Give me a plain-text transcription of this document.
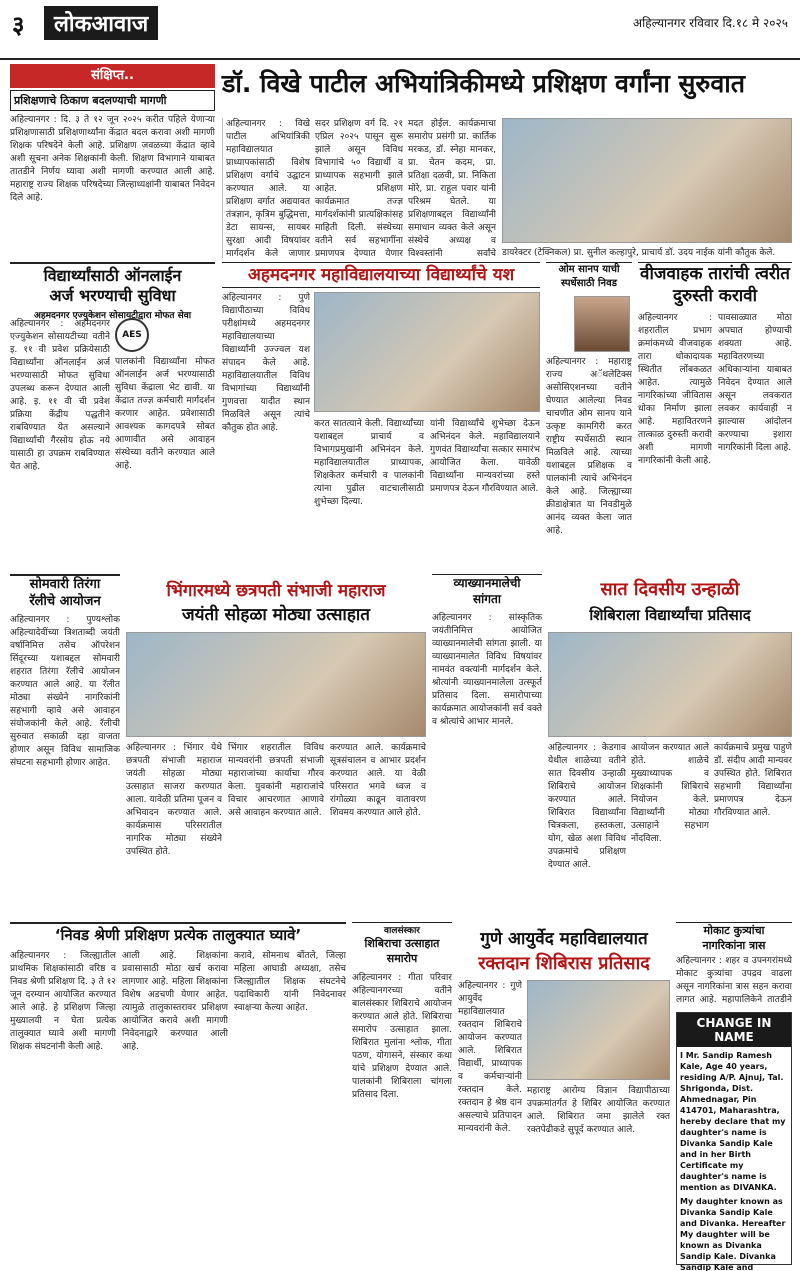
३	लोकआवाज	अहिल्यानगर रविवार दि.१८ मे २०२५
संक्षिप्त..
प्रशिक्षणाचे ठिकाण बदलण्याची मागणी
अहिल्यानगर : दि. ३ ते १२ जून २०२५ करीत पहिले येणाऱ्या प्रशिक्षणासाठी प्रशिक्षणार्थ्यांना केंद्रात बदल करावा अशी मागणी शिक्षक परिषदेने केली आहे. प्रशिक्षण जवळच्या केंद्रात व्हावे अशी सूचना अनेक शिक्षकांनी केली. शिक्षण विभागाने याबाबत तातडीने निर्णय घ्यावा अशी मागणी करण्यात आली आहे. महाराष्ट्र राज्य शिक्षक परिषदेच्या जिल्हाध्यक्षांनी याबाबत निवेदन दिले आहे.
डॉ. विखे पाटील अभियांत्रिकीमध्ये प्रशिक्षण वर्गांना सुरुवात
अहिल्यानगर : विखे पाटील अभियांत्रिकी महाविद्यालयात प्राध्यापकांसाठी विशेष प्रशिक्षण वर्गाचे उद्घाटन करण्यात आले. या प्रशिक्षण वर्गात अद्ययावत तंत्रज्ञान, कृत्रिम बुद्धिमत्ता, डेटा सायन्स, सायबर सुरक्षा आदी विषयांवर मार्गदर्शन केले जाणार
सदर प्रशिक्षण वर्ग दि. २१ एप्रिल २०२५ पासून सुरू झाले असून विविध विभागांचे ५० विद्यार्थी व प्राध्यापक सहभागी झाले आहेत. प्रशिक्षण कार्यक्रमात तज्ज्ञ मार्गदर्शकांनी प्रात्यक्षिकांसह माहिती दिली. संस्थेच्या वतीने सर्व सहभागींना प्रमाणपत्र देण्यात येणार
मदत होईल. कार्यक्रमाचा समारोप प्रसंगी प्रा. कार्तिक मरकड, डॉ. स्नेहा मानकर, प्रा. चेतन कदम, प्रा. प्रतिक्षा दळवी, प्रा. निकिता मोरे, प्रा. राहुल पवार यांनी परिश्रम घेतले. या प्रशिक्षणाबद्दल विद्यार्थ्यांनी समाधान व्यक्त केले असून संस्थेचे अध्यक्ष व विश्वस्तांनी सर्वांचे डायरेक्टर (टेक्निकल) प्रा. सुनील कल्हापुरे, प्राचार्य डॉ. उदय नाईक यांनी कौतुक केले.
विद्यार्थ्यांसाठी ऑनलाईन
अर्ज भरण्याची सुविधा
अहमदनगर एज्युकेशन सोसायटीद्वारा मोफत सेवा
अहिल्यानगर : अहमदनगर एज्युकेशन सोसायटीच्या वतीने इ. ११ वी प्रवेश प्रक्रियेसाठी विद्यार्थ्यांना ऑनलाईन अर्ज भरण्यासाठी मोफत सुविधा उपलब्ध करून देण्यात आली आहे. इ. ११ वी ची प्रवेश प्रक्रिया केंद्रीय पद्धतीने राबविण्यात येत असल्याने विद्यार्थ्यांची गैरसोय होऊ नये यासाठी हा उपक्रम राबविण्यात येत आहे.
AES
पालकांनी विद्यार्थ्यांना मोफत ऑनलाईन अर्ज भरण्यासाठी सुविधा केंद्राला भेट द्यावी. या केंद्रात तज्ज्ञ कर्मचारी मार्गदर्शन करणार आहेत. प्रवेशासाठी आवश्यक कागदपत्रे सोबत आणावीत असे आवाहन संस्थेच्या वतीने करण्यात आले आहे.
अहमदनगर महाविद्यालयाच्या विद्यार्थ्यांचे यश
अहिल्यानगर : पुणे विद्यापीठाच्या विविध परीक्षांमध्ये अहमदनगर महाविद्यालयाच्या विद्यार्थ्यांनी उज्ज्वल यश संपादन केले आहे. महाविद्यालयातील विविध विभागांच्या विद्यार्थ्यांनी गुणवत्ता यादीत स्थान मिळविले असून त्यांचे कौतुक होत आहे.	करत सातत्याने केली. विद्यार्थ्यांच्या यशाबद्दल प्राचार्य व विभागप्रमुखांनी अभिनंदन केले. महाविद्यालयातील प्राध्यापक, शिक्षकेतर कर्मचारी व पालकांनी त्यांना पुढील वाटचालीसाठी शुभेच्छा दिल्या.
यांनी विद्यार्थ्यांचे शुभेच्छा देऊन अभिनंदन केले. महाविद्यालयाने गुणवंत विद्यार्थ्यांचा सत्कार समारंभ आयोजित केला. यावेळी विद्यार्थ्यांना मान्यवरांच्या हस्ते प्रमाणपत्र देऊन गौरविण्यात आले.
ओम सानप याची स्पर्धेसाठी निवड
अहिल्यानगर : महाराष्ट्र राज्य अॅथलेटिक्स असोसिएशनच्या वतीने घेण्यात आलेल्या निवड चाचणीत ओम सानप याने उत्कृष्ट कामगिरी करत राष्ट्रीय स्पर्धेसाठी स्थान मिळविले आहे. त्याच्या यशाबद्दल प्रशिक्षक व पालकांनी त्याचे अभिनंदन केले आहे. जिल्ह्याच्या क्रीडाक्षेत्रात या निवडीमुळे आनंद व्यक्त केला जात आहे.
वीजवाहक तारांची त्वरीत
दुरुस्ती करावी
अहिल्यानगर : शहरातील प्रभाग क्रमांकमध्ये वीजवाहक तारा धोकादायक स्थितीत लोंबकळत आहेत. त्यामुळे नागरिकांच्या जीवितास धोका निर्माण झाला आहे. महावितरणने तात्काळ दुरुस्ती करावी अशी मागणी नागरिकांनी केली आहे.
पावसाळ्यात मोठा अपघात होण्याची शक्यता आहे. महावितरणच्या अधिकाऱ्यांना याबाबत निवेदन देण्यात आले असून लवकरात लवकर कार्यवाही न झाल्यास आंदोलन करण्याचा इशारा नागरिकांनी दिला आहे.
सोमवारी तिरंगा
रॅलीचे आयोजन
अहिल्यानगर : पुण्यश्लोक अहिल्यादेवींच्या त्रिशताब्दी जयंती वर्षानिमित्त तसेच ऑपरेशन सिंदूरच्या यशाबद्दल सोमवारी शहरात तिरंगा रॅलीचे आयोजन करण्यात आले आहे. या रॅलीत मोठ्या संख्येने नागरिकांनी सहभागी व्हावे असे आवाहन संयोजकांनी केले आहे. रॅलीची सुरुवात सकाळी दहा वाजता होणार असून विविध सामाजिक संघटना सहभागी होणार आहेत.
भिंगारमध्ये छत्रपती संभाजी महाराज
जयंती सोहळा मोठ्या उत्साहात
अहिल्यानगर : भिंगार येथे छत्रपती संभाजी महाराज जयंती सोहळा मोठ्या उत्साहात साजरा करण्यात आला. यावेळी प्रतिमा पूजन व अभिवादन करण्यात आले. कार्यक्रमास परिसरातील नागरिक मोठ्या संख्येने उपस्थित होते.
भिंगार शहरातील विविध मान्यवरांनी छत्रपती संभाजी महाराजांच्या कार्याचा गौरव केला. युवकांनी महाराजांचे विचार आचरणात आणावे असे आवाहन करण्यात आले.
करण्यात आले. कार्यक्रमाचे सूत्रसंचालन व आभार प्रदर्शन करण्यात आले. या वेळी परिसरात भगवे ध्वज व रांगोळ्या काढून वातावरण शिवमय करण्यात आले होते.
व्याख्यानमालेची
सांगता
अहिल्यानगर : सांस्कृतिक जयंतीनिमित्त आयोजित व्याख्यानमालेची सांगता झाली. या व्याख्यानमालेत विविध विषयांवर नामवंत वक्त्यांनी मार्गदर्शन केले. श्रोत्यांनी व्याख्यानमालेला उत्स्फूर्त प्रतिसाद दिला. समारोपाच्या कार्यक्रमात आयोजकांनी सर्व वक्ते व श्रोत्यांचे आभार मानले.
सात दिवसीय उन्हाळी
शिबिराला विद्यार्थ्यांचा प्रतिसाद
अहिल्यानगर : केडगाव येथील शाळेच्या वतीने सात दिवसीय उन्हाळी शिबिराचे आयोजन करण्यात आले. शिबिरात विद्यार्थ्यांना चित्रकला, हस्तकला, योग, खेळ अशा विविध उपक्रमांचे प्रशिक्षण देण्यात आले.
आयोजन करण्यात आले होते. शाळेचे मुख्याध्यापक व शिक्षकांनी शिबिराचे नियोजन केले. विद्यार्थ्यांनी मोठ्या उत्साहाने सहभाग नोंदविला.
कार्यक्रमाचे प्रमुख पाहुणे डॉ. संदीप आदी मान्यवर उपस्थित होते. शिबिरात सहभागी विद्यार्थ्यांना प्रमाणपत्र देऊन गौरविण्यात आले.
‘निवड श्रेणी प्रशिक्षण प्रत्येक तालुक्यात घ्यावे’
अहिल्यानगर : जिल्ह्यातील प्राथमिक शिक्षकांसाठी वरिष्ठ व निवड श्रेणी प्रशिक्षण दि. ३ ते १२ जून दरम्यान आयोजित करण्यात आले आहे. हे प्रशिक्षण जिल्हा मुख्यालयी न घेता प्रत्येक तालुक्यात घ्यावे अशी मागणी शिक्षक संघटनांनी केली आहे.
आली आहे. शिक्षकांना प्रवासासाठी मोठा खर्च करावा लागणार आहे. महिला शिक्षकांना विशेष अडचणी येणार आहेत. त्यामुळे तालुकास्तरावर प्रशिक्षण आयोजित करावे अशी मागणी निवेदनाद्वारे करण्यात आली आहे.
करावे, सोमनाथ बोंतले, जिल्हा महिला आघाडी अध्यक्षा, तसेच जिल्ह्यातील शिक्षक संघटनेचे पदाधिकारी यांनी निवेदनावर स्वाक्षऱ्या केल्या आहेत.
वालसंस्कार
शिबिराचा उत्साहात
समारोप
अहिल्यानगर : गीता परिवार अहिल्यानगरच्या वतीने बालसंस्कार शिबिराचे आयोजन करण्यात आले होते. शिबिराचा समारोप उत्साहात झाला. शिबिरात मुलांना श्लोक, गीता पठण, योगासने, संस्कार कथा यांचे प्रशिक्षण देण्यात आले. पालकांनी शिबिराला चांगला प्रतिसाद दिला.
गुणे आयुर्वेद महाविद्यालयात
रक्तदान शिबिरास प्रतिसाद
अहिल्यानगर : गुणे आयुर्वेद महाविद्यालयात रक्तदान शिबिराचे आयोजन करण्यात आले. शिबिरात विद्यार्थी, प्राध्यापक व कर्मचाऱ्यांनी रक्तदान केले. रक्तदान हे श्रेष्ठ दान असल्याचे प्रतिपादन मान्यवरांनी केले.
महाराष्ट्र आरोग्य विज्ञान विद्यापीठाच्या उपक्रमांतर्गत हे शिबिर आयोजित करण्यात आले. शिबिरात जमा झालेले रक्त रक्तपेढीकडे सुपूर्द करण्यात आले.
मोकाट कुत्र्यांचा
नागरिकांना त्रास
अहिल्यानगर : शहर व उपनगरांमध्ये मोकाट कुत्र्यांचा उपद्रव वाढला असून नागरिकांना त्रास सहन करावा लागत आहे. महापालिकेने तातडीने
CHANGE IN NAME
I Mr. Sandip Ramesh Kale, Age 40 years, residing A/P. Ajnuj, Tal. Shrigonda, Dist. Ahmednagar, Pin 414701, Maharashtra, hereby declare that my daughter's name is Divanka Sandip Kale and in her Birth Certificate my daughter's name is mention as DIVANKA.
My daughter known as Divanka Sandip Kale and Divanka. Hereafter My daughter will be known as Divanka Sandip Kale. Divanka Sandip Kale and
